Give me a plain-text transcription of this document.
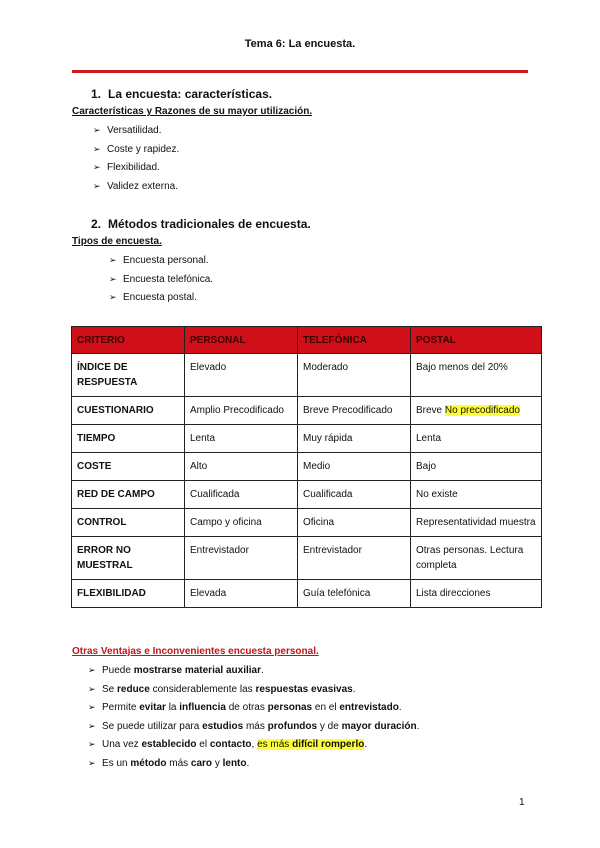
Tema 6: La encuesta.
1. La encuesta: características.
Características y Razones de su mayor utilización.
➢ Versatilidad.
➢ Coste y rapidez.
➢ Flexibilidad.
➢ Validez externa.
2. Métodos tradicionales de encuesta.
Tipos de encuesta.
➢ Encuesta personal.
➢ Encuesta telefónica.
➢ Encuesta postal.
CRITERIO	PERSONAL	TELEFÓNICA	POSTAL
ÍNDICE DE RESPUESTA	Elevado	Moderado	Bajo menos del 20%
CUESTIONARIO	Amplio Precodificado	Breve Precodificado	Breve No precodificado
TIEMPO	Lenta	Muy rápida	Lenta
COSTE	Alto	Medio	Bajo
RED DE CAMPO	Cualificada	Cualificada	No existe
CONTROL	Campo y oficina	Oficina	Representatividad muestra
ERROR NO MUESTRAL	Entrevistador	Entrevistador	Otras personas. Lectura completa
FLEXIBILIDAD	Elevada	Guía telefónica	Lista direcciones
Otras Ventajas e Inconvenientes encuesta personal.
➢ Puede mostrarse material auxiliar.
➢ Se reduce considerablemente las respuestas evasivas.
➢ Permite evitar la influencia de otras personas en el entrevistado.
➢ Se puede utilizar para estudios más profundos y de mayor duración.
➢ Una vez establecido el contacto, es más difícil romperlo.
➢ Es un método más caro y lento.
1
